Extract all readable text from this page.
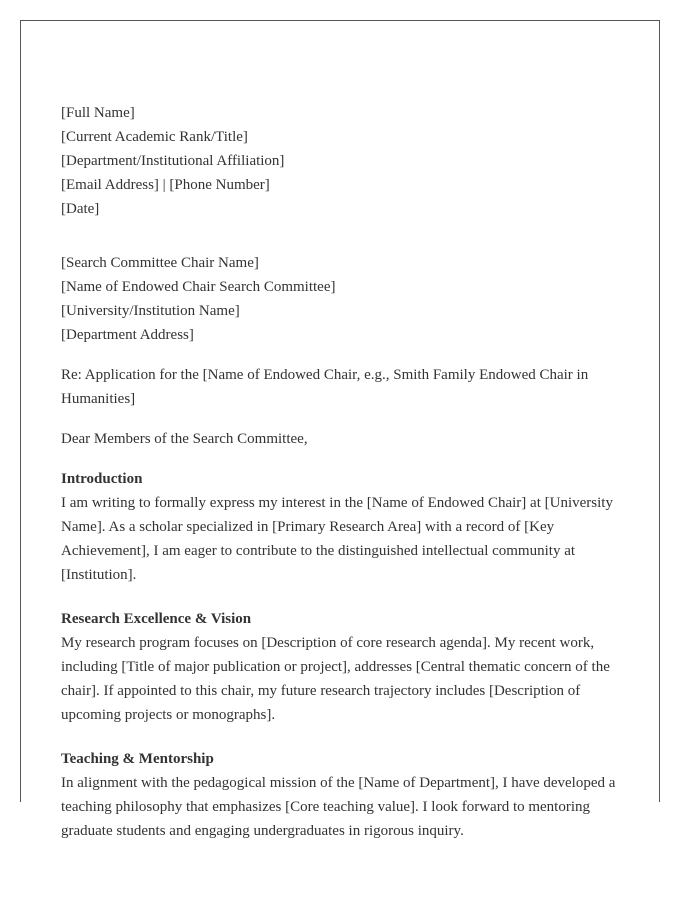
[Full Name]
[Current Academic Rank/Title]
[Department/Institutional Affiliation]
[Email Address] | [Phone Number]
[Date]
[Search Committee Chair Name]
[Name of Endowed Chair Search Committee]
[University/Institution Name]
[Department Address]

Re: Application for the [Name of Endowed Chair, e.g., Smith Family Endowed Chair in Humanities]

Dear Members of the Search Committee,

Introduction
I am writing to formally express my interest in the [Name of Endowed Chair] at [University Name]. As a scholar specialized in [Primary Research Area] with a record of [Key Achievement], I am eager to contribute to the distinguished intellectual community at [Institution].
Research Excellence & Vision
My research program focuses on [Description of core research agenda]. My recent work, including [Title of major publication or project], addresses [Central thematic concern of the chair]. If appointed to this chair, my future research trajectory includes [Description of upcoming projects or monographs].
Teaching & Mentorship
In alignment with the pedagogical mission of the [Name of Department], I have developed a teaching philosophy that emphasizes [Core teaching value]. I look forward to mentoring graduate students and engaging undergraduates in rigorous inquiry.
